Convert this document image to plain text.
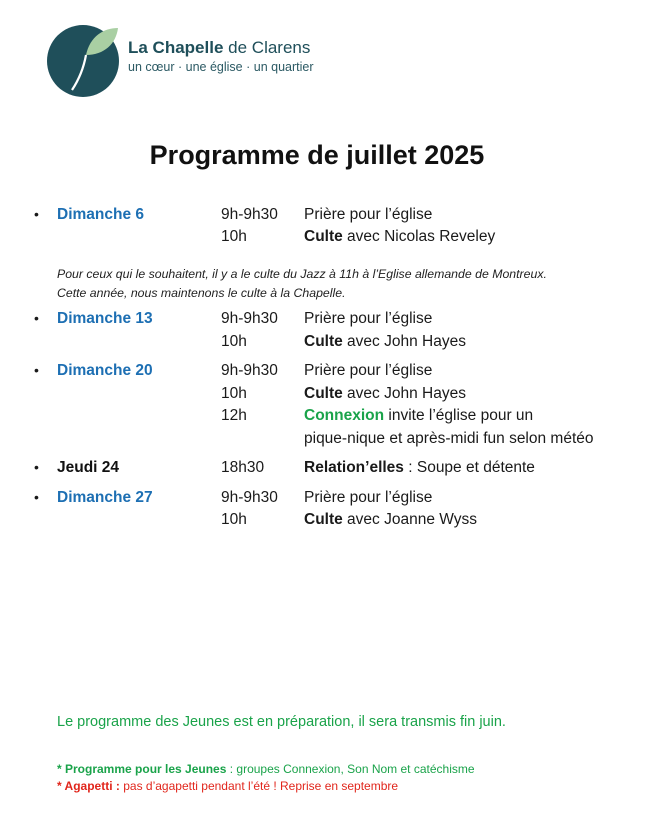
La Chapelle de Clarens
un cœur · une église · un quartier
Programme de juillet 2025
• Dimanche 6	9h-9h30 Prière pour l’église
10h	Culte avec Nicolas Reveley
Pour ceux qui le souhaitent, il y a le culte du Jazz à 11h à l’Eglise allemande de Montreux.
Cette année, nous maintenons le culte à la Chapelle.
• Dimanche 13	9h-9h30 Prière pour l’église
10h	Culte avec John Hayes
• Dimanche 20	9h-9h30 Prière pour l’église
10h	Culte avec John Hayes
12h	Connexion invite l’église pour un
pique-nique et après-midi fun selon météo
• Jeudi 24	18h30	Relation’elles : Soupe et détente
• Dimanche 27	9h-9h30 Prière pour l’église
10h	Culte avec Joanne Wyss
Le programme des Jeunes est en préparation, il sera transmis fin juin.
* Programme pour les Jeunes : groupes Connexion, Son Nom et catéchisme
* Agapetti : pas d’agapetti pendant l’été ! Reprise en septembre
